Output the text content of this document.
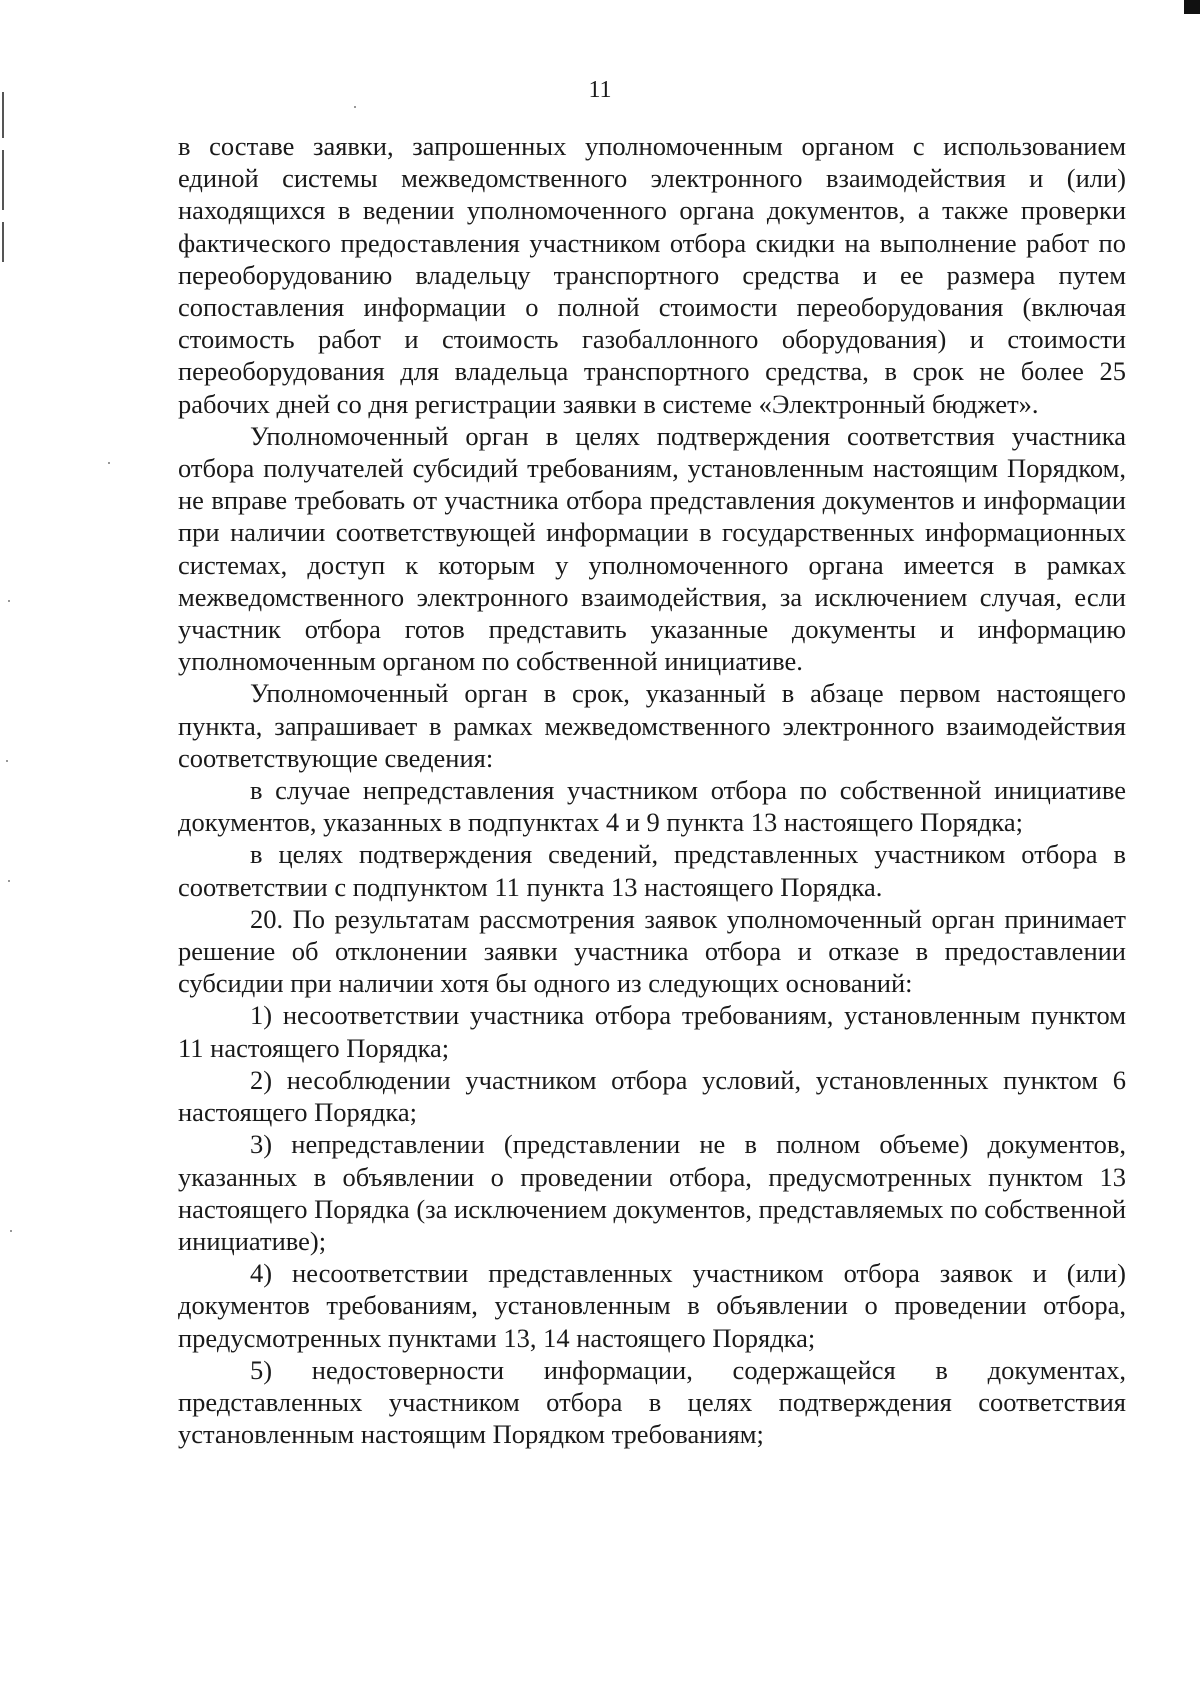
11

в составе заявки, запрошенных уполномоченным органом с использованием единой системы межведомственного электронного взаимодействия и (или) находящихся в ведении уполномоченного органа документов, а также проверки фактического предоставления участником отбора скидки на выполнение работ по переоборудованию владельцу транспортного средства и ее размера путем сопоставления информации о полной стоимости переоборудования (включая стоимость работ и стоимость газобаллонного оборудования) и стоимости переоборудования для владельца транспортного средства, в срок не более 25 рабочих дней со дня регистрации заявки в системе «Электронный бюджет».

Уполномоченный орган в целях подтверждения соответствия участника отбора получателей субсидий требованиям, установленным настоящим Порядком, не вправе требовать от участника отбора представления документов и информации при наличии соответствующей информации в государственных информационных системах, доступ к которым у уполномоченного органа имеется в рамках межведомственного электронного взаимодействия, за исключением случая, если участник отбора готов представить указанные документы и информацию уполномоченным органом по собственной инициативе.

Уполномоченный орган в срок, указанный в абзаце первом настоящего пункта, запрашивает в рамках межведомственного электронного взаимодействия соответствующие сведения:

в случае непредставления участником отбора по собственной инициативе документов, указанных в подпунктах 4 и 9 пункта 13 настоящего Порядка;

в целях подтверждения сведений, представленных участником отбора в соответствии с подпунктом 11 пункта 13 настоящего Порядка.

20. По результатам рассмотрения заявок уполномоченный орган принимает решение об отклонении заявки участника отбора и отказе в предоставлении субсидии при наличии хотя бы одного из следующих оснований:

1) несоответствии участника отбора требованиям, установленным пунктом 11 настоящего Порядка;

2) несоблюдении участником отбора условий, установленных пунктом 6 настоящего Порядка;

3) непредставлении (представлении не в полном объеме) документов, указанных в объявлении о проведении отбора, предусмотренных пунктом 13 настоящего Порядка (за исключением документов, представляемых по собственной инициативе);

4) несоответствии представленных участником отбора заявок и (или) документов требованиям, установленным в объявлении о проведении отбора, предусмотренных пунктами 13, 14 настоящего Порядка;

5) недостоверности информации, содержащейся в документах, представленных участником отбора в целях подтверждения соответствия установленным настоящим Порядком требованиям;
